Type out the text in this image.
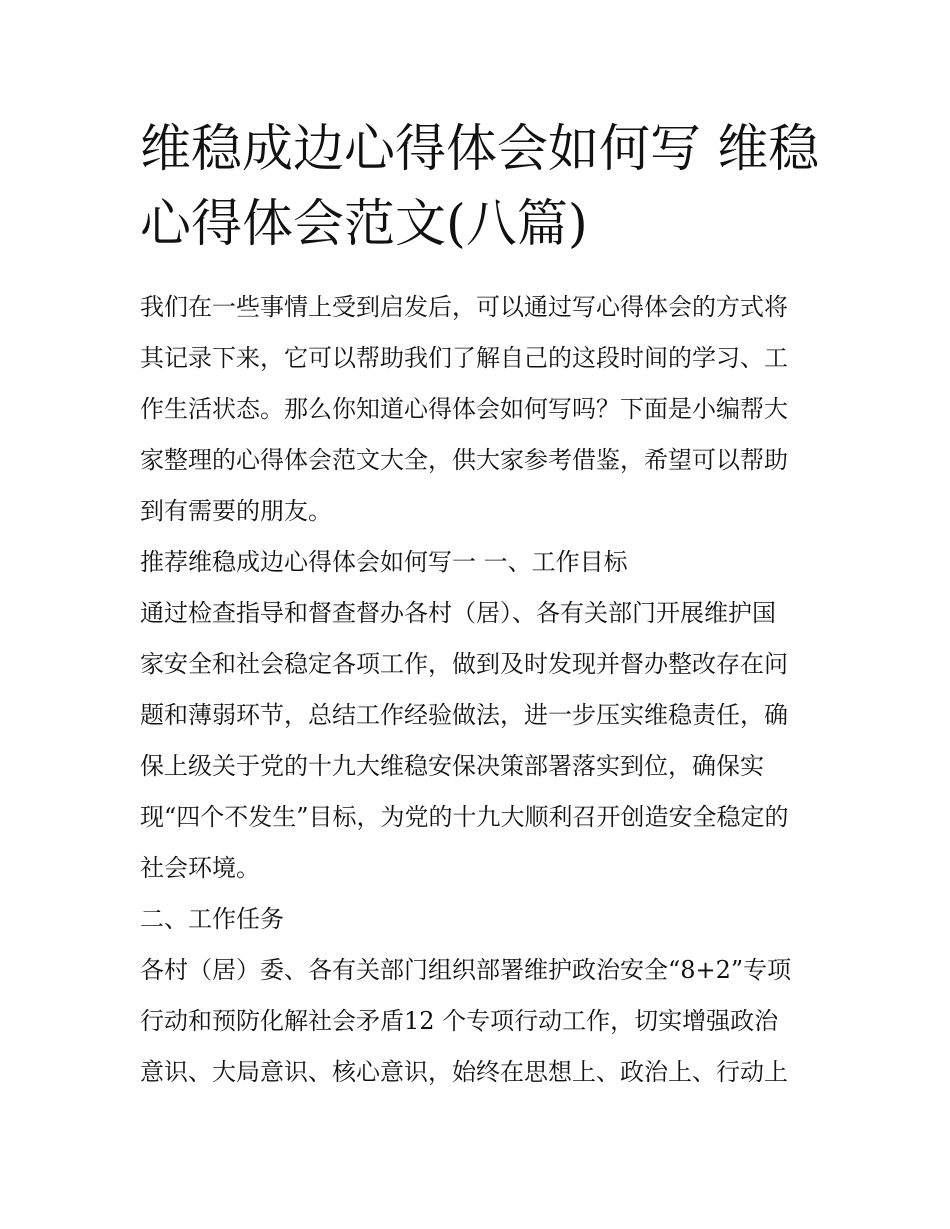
维稳成边心得体会如何写 维稳
心得体会范文(八篇)

我们在一些事情上受到启发后，可以通过写心得体会的方式将

其记录下来，它可以帮助我们了解自己的这段时间的学习、工

作生活状态。那么你知道心得体会如何写吗？下面是小编帮大

家整理的心得体会范文大全，供大家参考借鉴，希望可以帮助

到有需要的朋友。

推荐维稳成边心得体会如何写一 一、工作目标

通过检查指导和督查督办各村（居）、各有关部门开展维护国

家安全和社会稳定各项工作，做到及时发现并督办整改存在问

题和薄弱环节，总结工作经验做法，进一步压实维稳责任，确

保上级关于党的十九大维稳安保决策部署落实到位，确保实

现“四个不发生”目标，为党的十九大顺利召开创造安全稳定的

社会环境。

二、工作任务

各村（居）委、各有关部门组织部署维护政治安全“8+2”专项

行动和预防化解社会矛盾12 个专项行动工作，切实增强政治

意识、大局意识、核心意识，始终在思想上、政治上、行动上
